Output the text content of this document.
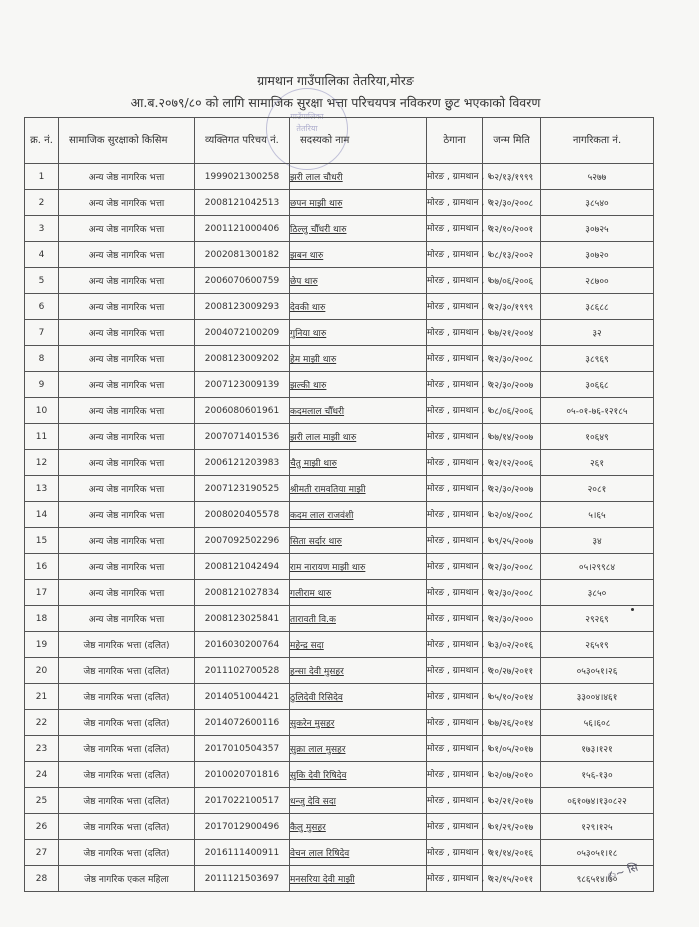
ग्रामथान गाउँपालिका तेतरिया,मोरङ
आ.ब.२०७९/८० को लागि सामाजिक सुरक्षा भत्ता परिचयपत्र नविकरण छुट भएकाको विवरण
गाउँपालिका
तेतरिया
क्र. नं.	सामाजिक सुरक्षाको किसिम	व्यक्तिगत परिचय नं.	सदस्यको नाम	ठेगाना	जन्म मिति	नागरिकता नं.
1	अन्य जेष्ठ नागरिक भत्ता	1999021300258	झरी लाल चौधरी	मोरङ , ग्रामथान , १	०२/१३/१९९९	५२७७
2	अन्य जेष्ठ नागरिक भत्ता	2008121042513	छपन माझी थारु	मोरङ , ग्रामथान , १	१२/३०/२००८	३८५४०
3	अन्य जेष्ठ नागरिक भत्ता	2001121000406	ठिल्लु चौँधरी थारु	मोरङ , ग्रामथान , १	१२/१०/२००१	३०७२५
4	अन्य जेष्ठ नागरिक भत्ता	2002081300182	झबन थारु	मोरङ , ग्रामथान , १	०८/१३/२००२	३०७२०
5	अन्य जेष्ठ नागरिक भत्ता	2006070600759	छेप थारु	मोरङ , ग्रामथान , १	०७/०६/२००६	२८७००
6	अन्य जेष्ठ नागरिक भत्ता	2008123009293	देवकी थारु	मोरङ , ग्रामथान , १	१२/३०/१९९९	३८६८८
7	अन्य जेष्ठ नागरिक भत्ता	2004072100209	गुनिया थारु	मोरङ , ग्रामथान , १	०७/२१/२००४	३२
8	अन्य जेष्ठ नागरिक भत्ता	2008123009202	हेम माझी थारु	मोरङ , ग्रामथान , १	१२/३०/२००८	३८९६९
9	अन्य जेष्ठ नागरिक भत्ता	2007123009139	झल्की थारु	मोरङ , ग्रामथान , १	१२/३०/२००७	३०६६८
10	अन्य जेष्ठ नागरिक भत्ता	2006080601961	कदमलाल चौँधरी	मोरङ , ग्रामथान , १	०८/०६/२००६	०५-०१-७६-१२१८५
11	अन्य जेष्ठ नागरिक भत्ता	2007071401536	झरी लाल माझी थारु	मोरङ , ग्रामथान , १	०७/१४/२००७	१०६४९
12	अन्य जेष्ठ नागरिक भत्ता	2006121203983	चैतु माझी थारु	मोरङ , ग्रामथान , १	१२/१२/२००६	२६१
13	अन्य जेष्ठ नागरिक भत्ता	2007123190525	श्रीमती रामवतिया माझी	मोरङ , ग्रामथान , १	१२/३०/२००७	२०८१
14	अन्य जेष्ठ नागरिक भत्ता	2008020405578	कदम लाल राजवंशी	मोरङ , ग्रामथान , १	०२/०४/२००८	५।६५
15	अन्य जेष्ठ नागरिक भत्ता	2007092502296	सिता सर्दार थारु	मोरङ , ग्रामथान , १	०९/२५/२००७	३४
16	अन्य जेष्ठ नागरिक भत्ता	2008121042494	राम नारायण माझी थारु	मोरङ , ग्रामथान , १	१२/३०/२००८	०५।२९९८४
17	अन्य जेष्ठ नागरिक भत्ता	2008121027834	गलीराम थारु	मोरङ , ग्रामथान , १	१२/३०/२००८	३८५०
18	अन्य जेष्ठ नागरिक भत्ता	2008123025841	तारावती वि.क	मोरङ , ग्रामथान , १	१२/३०/२०००	२९२६९
19	जेष्ठ नागरिक भत्ता (दलित)	2016030200764	महेन्द्र सदा	मोरङ , ग्रामथान , १	०३/०२/२०१६	२६५१९
20	जेष्ठ नागरिक भत्ता (दलित)	2011102700528	हन्सा देवी मुसहर	मोरङ , ग्रामथान , १	१०/२७/२०११	०५३०५१।२६
21	जेष्ठ नागरिक भत्ता (दलित)	2014051004421	ठुलिदेवी रिसिदेव	मोरङ , ग्रामथान , १	०५/१०/२०१४	३३००४।४६१
22	जेष्ठ नागरिक भत्ता (दलित)	2014072600116	सुकरेन मुसहर	मोरङ , ग्रामथान , १	०७/२६/२०१४	५६।६०८
23	जेष्ठ नागरिक भत्ता (दलित)	2017010504357	सुक्रा लाल मुसहर	मोरङ , ग्रामथान , १	०१/०५/२०१७	१७३।१२१
24	जेष्ठ नागरिक भत्ता (दलित)	2010020701816	सुकि देवी रिषिदेव	मोरङ , ग्रामथान , १	०२/०७/२०१०	१५६-१३०
25	जेष्ठ नागरिक भत्ता (दलित)	2017022100517	धन्जु देवि सदा	मोरङ , ग्रामथान , १	०२/२१/२०१७	०६१०७४।१३०८२२
26	जेष्ठ नागरिक भत्ता (दलित)	2017012900496	कैलु मुसहर	मोरङ , ग्रामथान , १	०१/२९/२०१७	१२९।१२५
27	जेष्ठ नागरिक भत्ता (दलित)	2016111400911	वेचन लाल रिषिदेव	मोरङ , ग्रामथान , १	११/१४/२०१६	०५३०५१।१८
28	जेष्ठ नागरिक एकल महिला	2011121503697	मनसरिया देवी माझी	मोरङ , ग्रामथान , १	१२/१५/२०११	९८६५१४।७०
✍︎~ सि
